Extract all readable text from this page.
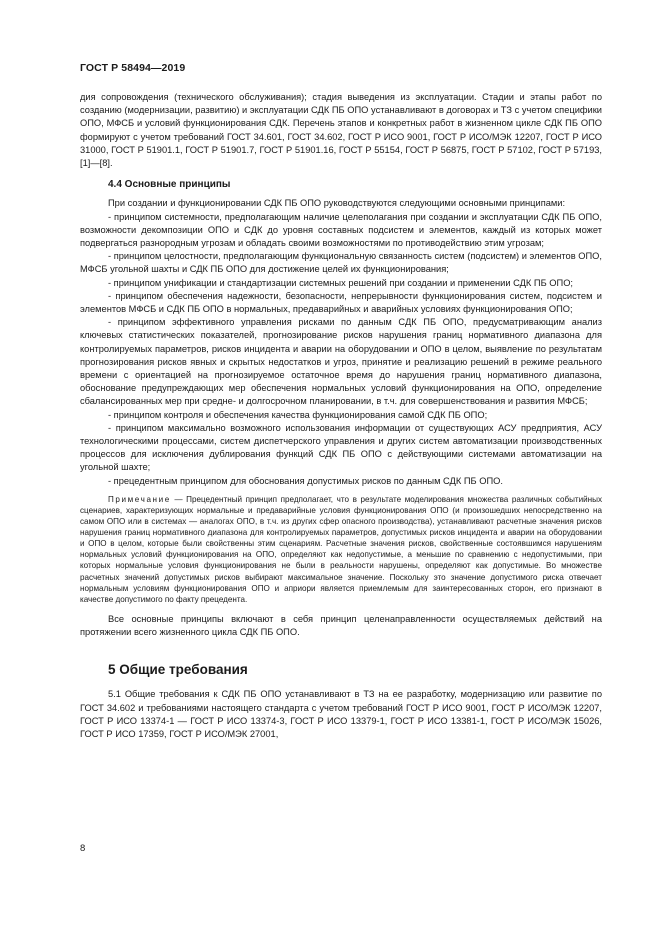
ГОСТ Р 58494—2019

дия сопровождения (технического обслуживания); стадия выведения из эксплуатации. Стадии и этапы работ по созданию (модернизации, развитию) и эксплуатации СДК ПБ ОПО устанавливают в договорах и ТЗ с учетом специфики ОПО, МФСБ и условий функционирования СДК. Перечень этапов и конкретных работ в жизненном цикле СДК ПБ ОПО формируют с учетом требований ГОСТ 34.601, ГОСТ 34.602, ГОСТ Р ИСО 9001, ГОСТ Р ИСО/МЭК 12207, ГОСТ Р ИСО 31000, ГОСТ Р 51901.1, ГОСТ Р 51901.7, ГОСТ Р 51901.16, ГОСТ Р 55154, ГОСТ Р 56875, ГОСТ Р 57102, ГОСТ Р 57193, [1]—[8].

4.4 Основные принципы

При создании и функционировании СДК ПБ ОПО руководствуются следующими основными принципами:

- принципом системности, предполагающим наличие целеполагания при создании и эксплуатации СДК ПБ ОПО, возможности декомпозиции ОПО и СДК до уровня составных подсистем и элементов, каждый из которых может подвергаться разнородным угрозам и обладать своими возможностями по противодействию этим угрозам;

- принципом целостности, предполагающим функциональную связанность систем (подсистем) и элементов ОПО, МФСБ угольной шахты и СДК ПБ ОПО для достижение целей их функционирования;

- принципом унификации и стандартизации системных решений при создании и применении СДК ПБ ОПО;

- принципом обеспечения надежности, безопасности, непрерывности функционирования систем, подсистем и элементов МФСБ и СДК ПБ ОПО в нормальных, предаварийных и аварийных условиях функционирования ОПО;

- принципом эффективного управления рисками по данным СДК ПБ ОПО, предусматривающим анализ ключевых статистических показателей, прогнозирование рисков нарушения границ нормативного диапазона для контролируемых параметров, рисков инцидента и аварии на оборудовании и ОПО в целом, выявление по результатам прогнозирования рисков явных и скрытых недостатков и угроз, принятие и реализацию решений в режиме реального времени с ориентацией на прогнозируемое остаточное время до нарушения границ нормативного диапазона, обоснование предупреждающих мер обеспечения нормальных условий функционирования на ОПО, определение сбалансированных мер при средне- и долгосрочном планировании, в т.ч. для совершенствования и развития МФСБ;

- принципом контроля и обеспечения качества функционирования самой СДК ПБ ОПО;

- принципом максимально возможного использования информации от существующих АСУ предприятия, АСУ технологическими процессами, систем диспетчерского управления и других систем автоматизации производственных процессов для исключения дублирования функций СДК ПБ ОПО с действующими системами автоматизации на угольной шахте;

- прецедентным принципом для обоснования допустимых рисков по данным СДК ПБ ОПО.

Примечание — Прецедентный принцип предполагает, что в результате моделирования множества различных событийных сценариев, характеризующих нормальные и предаварийные условия функционирования ОПО (и произошедших непосредственно на самом ОПО или в системах — аналогах ОПО, в т.ч. из других сфер опасного производства), устанавливают расчетные значения рисков нарушения границ нормативного диапазона для контролируемых параметров, допустимых рисков инцидента и аварии на оборудовании и ОПО в целом, которые были свойственны этим сценариям. Расчетные значения рисков, свойственные состоявшимся нарушениям нормальных условий функционирования на ОПО, определяют как недопустимые, а меньшие по сравнению с недопустимыми, при которых нормальные условия функционирования не были в реальности нарушены, определяют как допустимые. Во множестве расчетных значений допустимых рисков выбирают максимальное значение. Поскольку это значение допустимого риска отвечает нормальным условиям функционирования ОПО и априори является приемлемым для заинтересованных сторон, его признают в качестве допустимого по факту прецедента.

Все основные принципы включают в себя принцип целенаправленности осуществляемых действий на протяжении всего жизненного цикла СДК ПБ ОПО.

5 Общие требования

5.1 Общие требования к СДК ПБ ОПО устанавливают в ТЗ на ее разработку, модернизацию или развитие по ГОСТ 34.602 и требованиями настоящего стандарта с учетом требований ГОСТ Р ИСО 9001, ГОСТ Р ИСО/МЭК 12207, ГОСТ Р ИСО 13374-1 — ГОСТ Р ИСО 13374-3, ГОСТ Р ИСО 13379-1, ГОСТ Р ИСО 13381-1, ГОСТ Р ИСО/МЭК 15026, ГОСТ Р ИСО 17359, ГОСТ Р ИСО/МЭК 27001,

8
